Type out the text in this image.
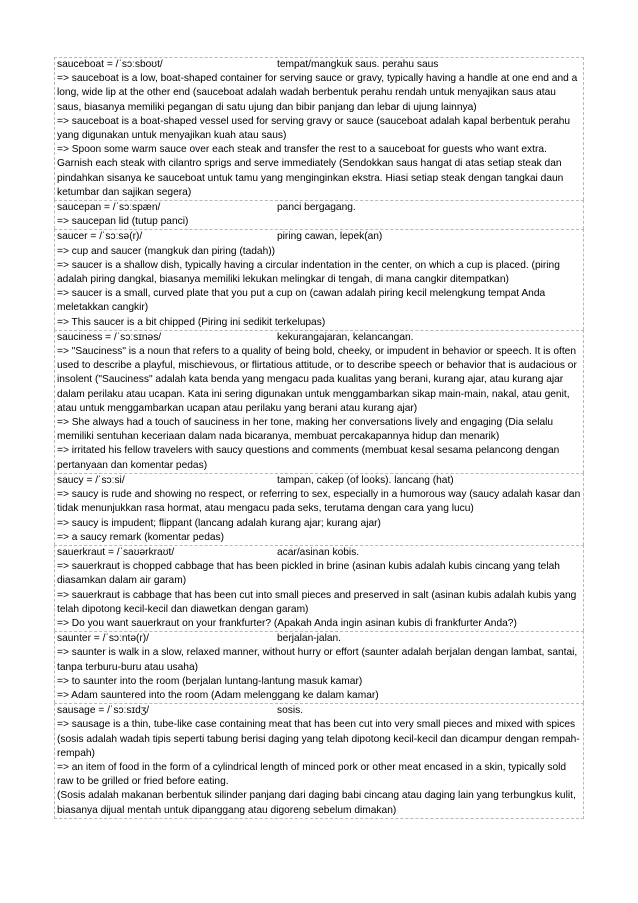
sauceboat = /ˈsɔːsboʊt/	tempat/mangkuk saus. perahu saus

=> sauceboat is a low, boat-shaped container for serving sauce or gravy, typically having a handle at one end and a long, wide lip at the other end (sauceboat adalah wadah berbentuk perahu rendah untuk menyajikan saus atau saus, biasanya memiliki pegangan di satu ujung dan bibir panjang dan lebar di ujung lainnya)

=> sauceboat is a boat-shaped vessel used for serving gravy or sauce (sauceboat adalah kapal berbentuk perahu yang digunakan untuk menyajikan kuah atau saus)

=> Spoon some warm sauce over each steak and transfer the rest to a sauceboat for guests who want extra. Garnish each steak with cilantro sprigs and serve immediately (Sendokkan saus hangat di atas setiap steak dan pindahkan sisanya ke sauceboat untuk tamu yang menginginkan ekstra. Hiasi setiap steak dengan tangkai daun ketumbar dan sajikan segera)

saucepan = /ˈsɔːspæn/	panci bergagang.

=> saucepan lid (tutup panci)

saucer = /ˈsɔːsə(r)/	piring cawan, lepek(an)

=> cup and saucer (mangkuk dan piring (tadah))

=> saucer is a shallow dish, typically having a circular indentation in the center, on which a cup is placed. (piring adalah piring dangkal, biasanya memiliki lekukan melingkar di tengah, di mana cangkir ditempatkan)

=> saucer is a small, curved plate that you put a cup on (cawan adalah piring kecil melengkung tempat Anda meletakkan cangkir)

=> This saucer is a bit chipped (Piring ini sedikit terkelupas)

sauciness = /ˈsɔːsɪnəs/	kekurangajaran, kelancangan.

=> "Sauciness" is a noun that refers to a quality of being bold, cheeky, or impudent in behavior or speech. It is often used to describe a playful, mischievous, or flirtatious attitude, or to describe speech or behavior that is audacious or insolent ("Sauciness" adalah kata benda yang mengacu pada kualitas yang berani, kurang ajar, atau kurang ajar dalam perilaku atau ucapan. Kata ini sering digunakan untuk menggambarkan sikap main-main, nakal, atau genit, atau untuk menggambarkan ucapan atau perilaku yang berani atau kurang ajar)

=> She always had a touch of sauciness in her tone, making her conversations lively and engaging (Dia selalu memiliki sentuhan keceriaan dalam nada bicaranya, membuat percakapannya hidup dan menarik)

=> irritated his fellow travelers with saucy questions and comments (membuat kesal sesama pelancong dengan pertanyaan dan komentar pedas)

saucy = /ˈsɔːsi/	tampan, cakep (of looks). lancang (hat)

=> saucy is rude and showing no respect, or referring to sex, especially in a humorous way (saucy adalah kasar dan tidak menunjukkan rasa hormat, atau mengacu pada seks, terutama dengan cara yang lucu)

=> saucy is impudent; flippant (lancang adalah kurang ajar; kurang ajar)

=> a saucy remark (komentar pedas)

sauerkraut = /ˈsaʊərkraʊt/	acar/asinan kobis.

=> sauerkraut is chopped cabbage that has been pickled in brine (asinan kubis adalah kubis cincang yang telah diasamkan dalam air garam)

=> sauerkraut is cabbage that has been cut into small pieces and preserved in salt (asinan kubis adalah kubis yang telah dipotong kecil-kecil dan diawetkan dengan garam)

=> Do you want sauerkraut on your frankfurter? (Apakah Anda ingin asinan kubis di frankfurter Anda?)

saunter = /ˈsɔːntə(r)/	berjalan-jalan.

=> saunter is walk in a slow, relaxed manner, without hurry or effort (saunter adalah berjalan dengan lambat, santai, tanpa terburu-buru atau usaha)

=> to saunter into the room (berjalan luntang-lantung masuk kamar)

=> Adam sauntered into the room (Adam melenggang ke dalam kamar)

sausage = /ˈsɔːsɪdʒ/	sosis.

=> sausage is a thin, tube-like case containing meat that has been cut into very small pieces and mixed with spices (sosis adalah wadah tipis seperti tabung berisi daging yang telah dipotong kecil-kecil dan dicampur dengan rempah-rempah)

=> an item of food in the form of a cylindrical length of minced pork or other meat encased in a skin, typically sold raw to be grilled or fried before eating.

(Sosis adalah makanan berbentuk silinder panjang dari daging babi cincang atau daging lain yang terbungkus kulit, biasanya dijual mentah untuk dipanggang atau digoreng sebelum dimakan)
